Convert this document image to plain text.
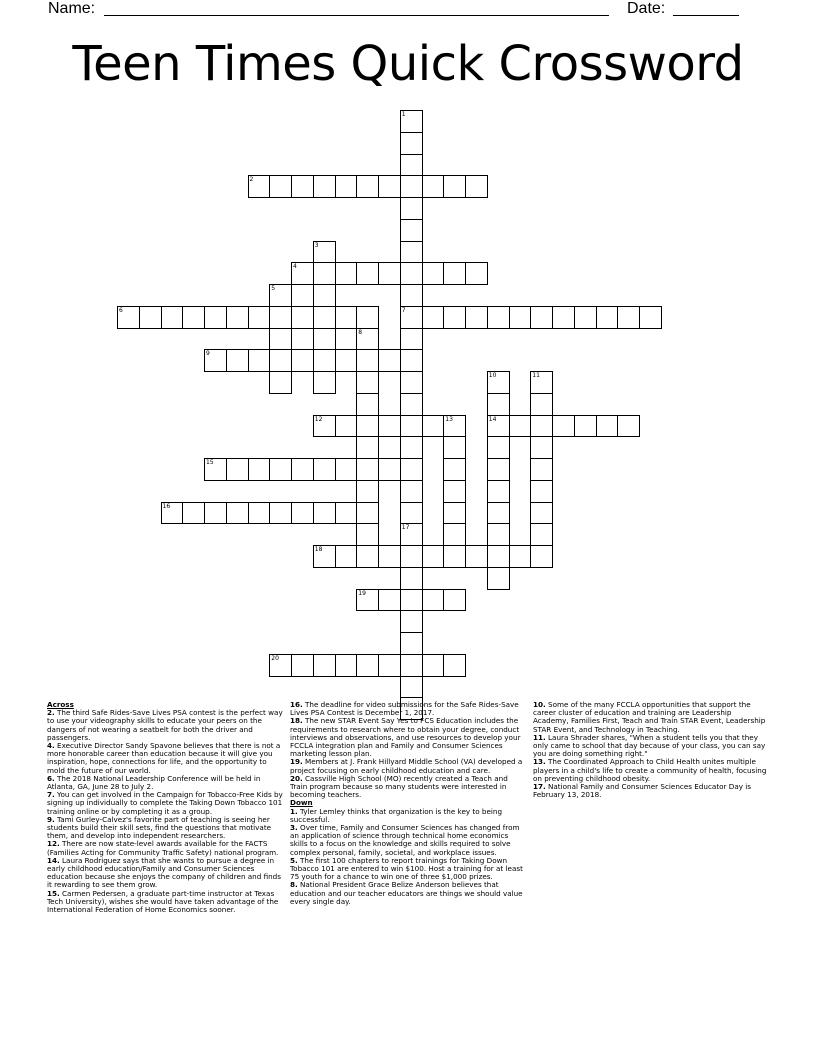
Name:	Date:
Teen Times Quick Crossword
2
4
6	7
9
12	13	14
15
16
18
19
20
1
17
3
5
8
10	11
Across

2. The third Safe Rides-Save Lives PSA contest is the perfect way to use your videography skills to educate your peers on the dangers of not wearing a seatbelt for both the driver and passengers.

4. Executive Director Sandy Spavone believes that there is not a more honorable career than education because it will give you inspiration, hope, connections for life, and the opportunity to mold the future of our world.

6. The 2018 National Leadership Conference will be held in Atlanta, GA, June 28 to July 2.

7. You can get involved in the Campaign for Tobacco-Free Kids by signing up individually to complete the Taking Down Tobacco 101 training online or by completing it as a group.

9. Tami Gurley-Calvez's favorite part of teaching is seeing her students build their skill sets, find the questions that motivate them, and develop into independent researchers.

12. There are now state-level awards available for the FACTS (Families Acting for Community Traffic Safety) national program.

14. Laura Rodriguez says that she wants to pursue a degree in early childhood education/Family and Consumer Sciences education because she enjoys the company of children and finds it rewarding to see them grow.

15. Carmen Pedersen, a graduate part-time instructor at Texas Tech University), wishes she would have taken advantage of the International Federation of Home Economics sooner.

16. The deadline for video submissions for the Safe Rides-Save Lives PSA Contest is December 1, 2017.

18. The new STAR Event Say Yes to FCS Education includes the requirements to research where to obtain your degree, conduct interviews and observations, and use resources to develop your FCCLA integration plan and Family and Consumer Sciences marketing lesson plan.

19. Members at J. Frank Hillyard Middle School (VA) developed a project focusing on early childhood education and care.

20. Cassville High School (MO) recently created a Teach and Train program because so many students were interested in becoming teachers.

Down

1. Tyler Lemley thinks that organization is the key to being successful.

3. Over time, Family and Consumer Sciences has changed from an application of science through technical home economics skills to a focus on the knowledge and skills required to solve complex personal, family, societal, and workplace issues.

5. The first 100 chapters to report trainings for Taking Down Tobacco 101 are entered to win $100. Host a training for at least 75 youth for a chance to win one of three $1,000 prizes.

8. National President Grace Belize Anderson believes that education and our teacher educators are things we should value every single day.

10. Some of the many FCCLA opportunities that support the career cluster of education and training are Leadership Academy, Families First, Teach and Train STAR Event, Leadership STAR Event, and Technology in Teaching.

11. Laura Shrader shares, "When a student tells you that they only came to school that day because of your class, you can say you are doing something right."

13. The Coordinated Approach to Child Health unites multiple players in a child's life to create a community of health, focusing on preventing childhood obesity.

17. National Family and Consumer Sciences Educator Day is February 13, 2018.
